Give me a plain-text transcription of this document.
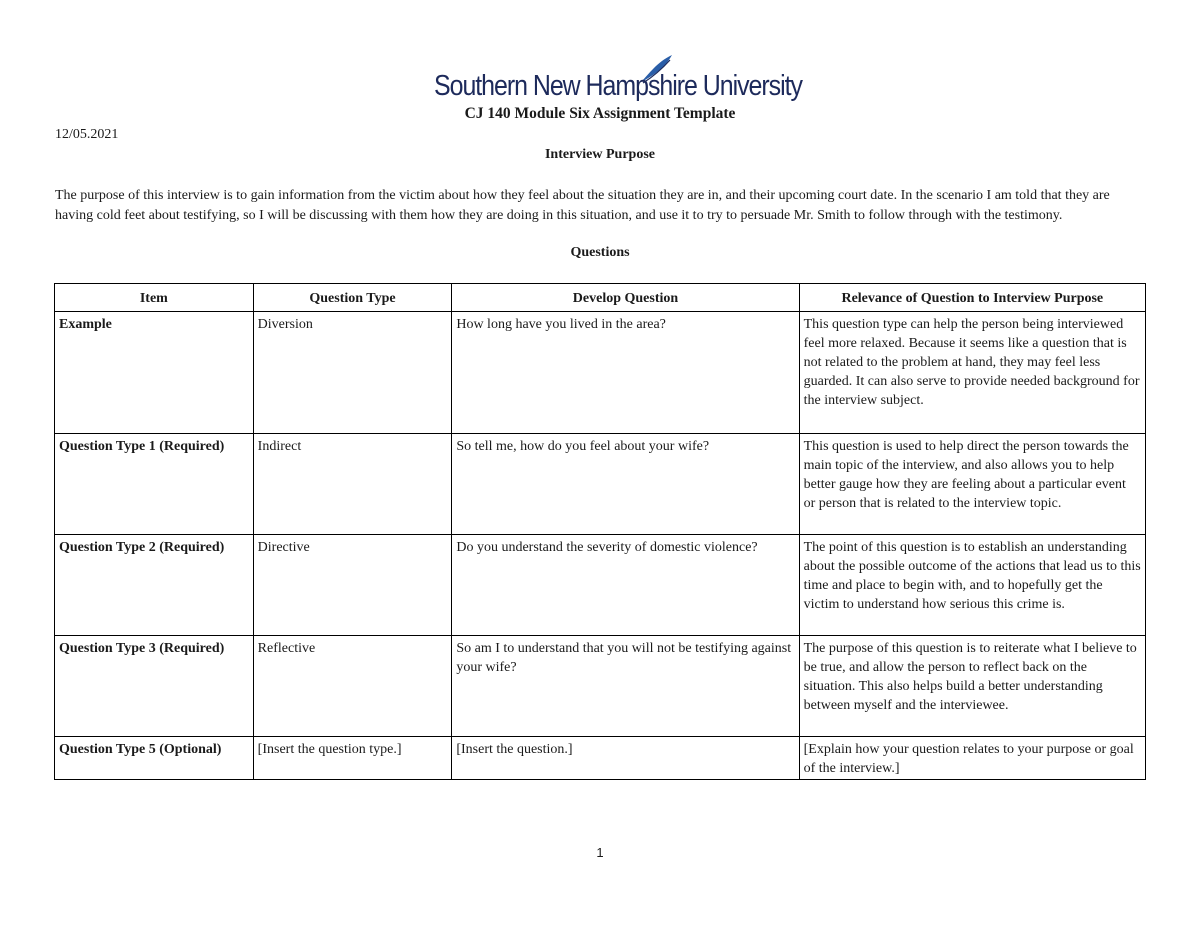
Southern New Hampshire University
CJ 140 Module Six Assignment Template
12/05.2021
Interview Purpose
The purpose of this interview is to gain information from the victim about how they feel about the situation they are in, and their upcoming court date. In the scenario I am told that they are having cold feet about testifying, so I will be discussing with them how they are doing in this situation, and use it to try to persuade Mr. Smith to follow through with the testimony.
Questions
Item	Question Type	Develop Question	Relevance of Question to Interview Purpose
Example	Diversion	How long have you lived in the area?	This question type can help the person being interviewed feel more relaxed. Because it seems like a question that is not related to the problem at hand, they may feel less guarded. It can also serve to provide needed background for the interview subject.
Question Type 1 (Required)	Indirect	So tell me, how do you feel about your wife?	This question is used to help direct the person towards the main topic of the interview, and also allows you to help better gauge how they are feeling about a particular event or person that is related to the interview topic.
Question Type 2 (Required)	Directive	Do you understand the severity of domestic violence?	The point of this question is to establish an understanding about the possible outcome of the actions that lead us to this time and place to begin with, and to hopefully get the victim to understand how serious this crime is.
Question Type 3 (Required)	Reflective	So am I to understand that you will not be testifying against your wife?	The purpose of this question is to reiterate what I believe to be true, and allow the person to reflect back on the situation. This also helps build a better understanding between myself and the interviewee.
Question Type 5 (Optional)	[Insert the question type.]	[Insert the question.]	[Explain how your question relates to your purpose or goal of the interview.]
1
